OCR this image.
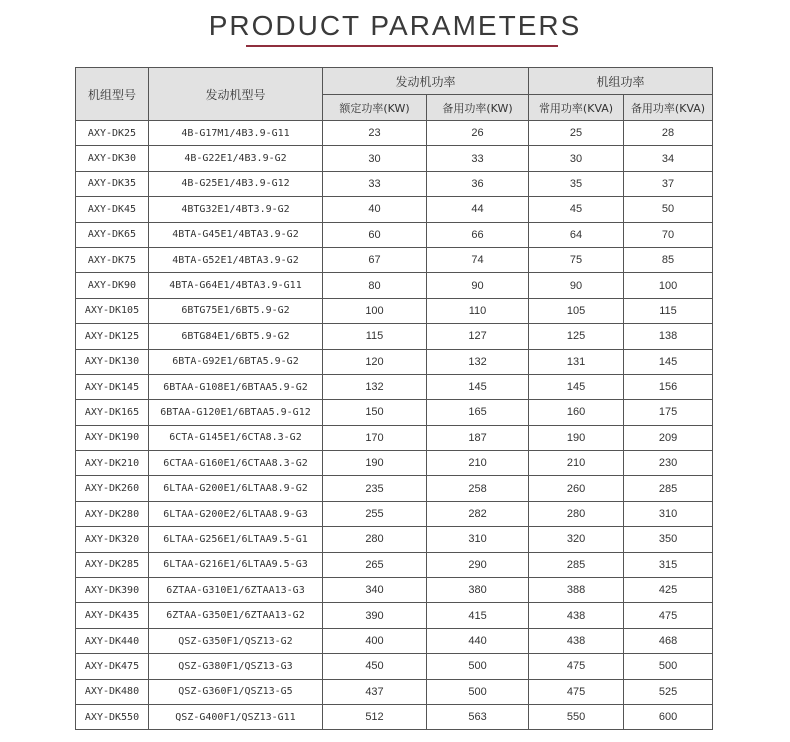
PRODUCT PARAMETERS
机组型号	发动机型号	发动机功率		机组功率	
		额定功率(KW)	备用功率(KW)	常用功率(KVA)	备用功率(KVA)
AXY-DK25	4B-G17M1/4B3.9-G11	23	26	25	28
AXY-DK30	4B-G22E1/4B3.9-G2	30	33	30	34
AXY-DK35	4B-G25E1/4B3.9-G12	33	36	35	37
AXY-DK45	4BTG32E1/4BT3.9-G2	40	44	45	50
AXY-DK65	4BTA-G45E1/4BTA3.9-G2	60	66	64	70
AXY-DK75	4BTA-G52E1/4BTA3.9-G2	67	74	75	85
AXY-DK90	4BTA-G64E1/4BTA3.9-G11	80	90	90	100
AXY-DK105	6BTG75E1/6BT5.9-G2	100	110	105	115
AXY-DK125	6BTG84E1/6BT5.9-G2	115	127	125	138
AXY-DK130	6BTA-G92E1/6BTA5.9-G2	120	132	131	145
AXY-DK145	6BTAA-G108E1/6BTAA5.9-G2	132	145	145	156
AXY-DK165	6BTAA-G120E1/6BTAA5.9-G12	150	165	160	175
AXY-DK190	6CTA-G145E1/6CTA8.3-G2	170	187	190	209
AXY-DK210	6CTAA-G160E1/6CTAA8.3-G2	190	210	210	230
AXY-DK260	6LTAA-G200E1/6LTAA8.9-G2	235	258	260	285
AXY-DK280	6LTAA-G200E2/6LTAA8.9-G3	255	282	280	310
AXY-DK320	6LTAA-G256E1/6LTAA9.5-G1	280	310	320	350
AXY-DK285	6LTAA-G216E1/6LTAA9.5-G3	265	290	285	315
AXY-DK390	6ZTAA-G310E1/6ZTAA13-G3	340	380	388	425
AXY-DK435	6ZTAA-G350E1/6ZTAA13-G2	390	415	438	475
AXY-DK440	QSZ-G350F1/QSZ13-G2	400	440	438	468
AXY-DK475	QSZ-G380F1/QSZ13-G3	450	500	475	500
AXY-DK480	QSZ-G360F1/QSZ13-G5	437	500	475	525
AXY-DK550	QSZ-G400F1/QSZ13-G11	512	563	550	600
